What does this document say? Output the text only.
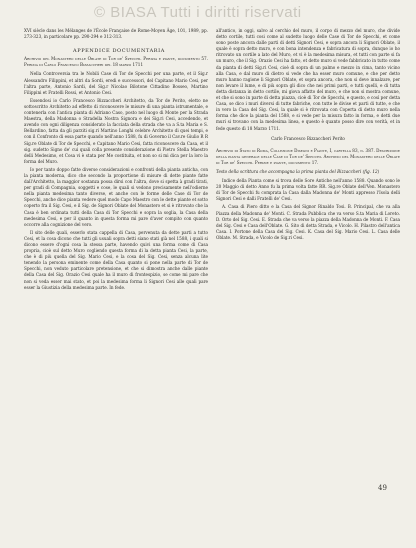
© BIASA Tutti i diritti riservati

XVI siècle dans les Mélanges de l'École Française de Rome-Moyen Âge, 101, 1989, pp. 273-323, in particolare pp. 290-294 e 312-313.

APPENDICE DOCUMENTARIA

Archivio del Monastero delle Oblate di Tor de' Specchi. Perizia e piante, documento 57. Perizia di Carlo Francesco Bizzaccheri del 18 marzo 1711

Nella Controversia tra le Nobili Case di Tor de Specchi per una parte, et il Sig.r Alessandro Filippini, et altri da Sordi, eredi e successori, del Capitano Mario Cesi, per l'altra parte, Antonio Sardi, del Sig.r Nicolao Bilotone Cittadino Bosseo, Martino Filippini et Fratelli Rossi, et Antonio Cesi.

Essendosi io Carlo Francesco Bizzaccheri Architetto, da Tor de Perito, eletto ne sottoscritto Architetto ad effetto di riconoscere le misure di una pianta istrumentale, e contenerla con l'antica pianta di Adriano Caso, posto nel luogo di Monte per la Strada Maestra, della Madonna o Stradella Nostra Signora e dei Sig.ri Cesi, accedendo, et avendo con ogni diligenza considerato la facciata della strada che va a S.ta Maria e S. Bellardino, fatta da gli parziti sig.ri Martino Longhi celebre Architetto di quei tempi, e con il Confronto di essa parte quando nell'anno 1588, fu di Governo il Cav.re Giulio R R Sig.re Oblate di Tor de Specchi, e Capitano Mario Cesi, fatta riconoscere da Casa, et il sig. sudetto Signo de' cui quali colla presente considerazione di Pietro Stella Maestro delli Medesimo, et Cosa vi è stata per Me costituita, et non so si mi dica per la loro la forma del Muro.

Io per tanto doppo fatte diverse considerazioni e confronti della pianta anticha, con la pianta moderna, dico che secondo la proportione di misure di dette piante fatte dall'Architetto, la maggior sostanza possa dirsi con l'altra, dove si spetta à gradi tirati, per gradi di Compagnia, soggetti e cose, le quali si vedono precisamente nell'odierne nella pianta medesima tanto diverse, et anche con le forme delle Case di Tor de Specchi, anche dice pianta vedere quel modo Capo Maestro con le dette piante et sotto coperto fra il Sig. Cesi, e il Sig. de Signori Oblate del Monastero et si è ritrovato che la Casa è ben ordinata tutti della Casa di Tor Specchi e sopra la soglia, la Casa della medesima Cesi, e per il quanto in questa forma mi pare d'aver compito con quanto occorre alla cognizione del vero.

Il sito delle quali, esserlo stata cappella di Casa, pervenuta da dette parti a tutto Cesi, et la cosa dicono che tutti gli usuali sopra detti siano stati già nel 1588, i quali si dicono essere d'ogni cosa la stessa parte, havendo quivi una forma come di Casa propria, cioè sul detto Muro cogliendo questa forma di la detta pianta Cesi, la parte, che è di più quella del Sig. Mario Cesi, e la cosa del Sig. Cesi, senza alcuna lite tenendo la persona eminente come della Casa quanto si pone nella parte di Tor de Specchi, non veduto particolare pretensione, et che si dimostra anche dalle piante della Casa del Sig. Orazio Cesi quale ha il muro di frontespizio, se come mi pare che non si veda esser mai stato, et poi la medesima forma li Signori Cesi alle quali pare esser la Giustizia della medesima parte. In fede.

all'antico, in oggi, salvo al cerchio del muro, il corpo di mezzo del muro, che divide detto cortile, tutti cosi come al sudetto luogo delle Case di Tor de Specchi, et come sono poste ancora dalle parti di detti Signori Cesi, e sopra ancora li Signori Oblate, il quale è sopra detto muro, e con bona intendenza e fabricatura di sopra, dunque io ho ritrovato un cortile a lato del Muro, et vi è la medesima misura, et tutti con parte si fa un muro, che il Sig. Orazio Cesi ha fatto, et detto muro si vede fabbricato in tutto come da pianta di detti Sig.ri Cesi, cioè di sopra di un palmo e mezzo in cima, tanto vicino alla Casa, e dal muro di dietro si vede che ha esser muro comune, e che per detto muro hanno ragione li Signori Oblate, et sopra ancora, che non si deve innalzare, per non levare il lume, e di più sopra gli dico che nei primi parti, e tutti quelli, e di tutta detta distanza in detto cortile, mi giova affatto del muro, e che non si mostra comune, et che si sono in parte di detta piazza, cioè di Tor de Specchi, e questo, e così per detta Casa, se dico i muri diversi di tutte fabriche, con tutte le divise et parti di tutte, e che in vero la Casa del Sig. Cesi, la quale si è ritrovata con Coperta di detto muro nella forma che dice la pianta del 1588, e si vede per la misura fatto in forma, e detti due muri si trovano con la medesima linea, e questo è quanto posso dire con verità, et in fede questo dì 18 Marzo 1711.

Carlo Francesco Bizzaccheri Perito

Archivio di Stato di Roma, Collezione Disegni e Piante, I, cartella 83, n. 387. Descrizione della pianta generale delle Case di Tor de' Specchi. Archivio del Monastero delle Oblate di Tor de' Specchi. Perizie e piante, documento 17.

Testo della scrittura che accompagna la prima pianta del Bizzaccheri (fig. 12)

Indice della Pianta come si trova delle Sore Antiche nell'anno 1588. Quando sono le 20 Maggio di detto Anno fu la prima volta fatte RR. Sig.re Oblate dell'Ven. Monastero di Tor de Specchi fu comprata la Casa dalla Madonna de' Monti appresso l'Isola delli Signori Cesi e dalli Fratelli de' Cesi.

A. Casa di Piero ditto e la Casa del Signor Rinaldo Tosi. B. Principal, che va alla Piazza della Madonna de' Monti. C. Strada Pubblica che va verso S.ta Maria di Loreto. D. Orto del Sig. Cesi. E. Strada che va verso la piazza della Madonna de Monti. F. Casa del Sig. Cesi e Casa dell'Oblate. G. Sito di detta Strada, e Vicolo. H. Pilastro dell'antica Casa. I. Portone della Casa del Sig. Cesi. K. Casa del Sig. Mario Cesi. L. Casa delle Oblate. M. Strada, e Vicolo de Sig.ri Cesi.

49
